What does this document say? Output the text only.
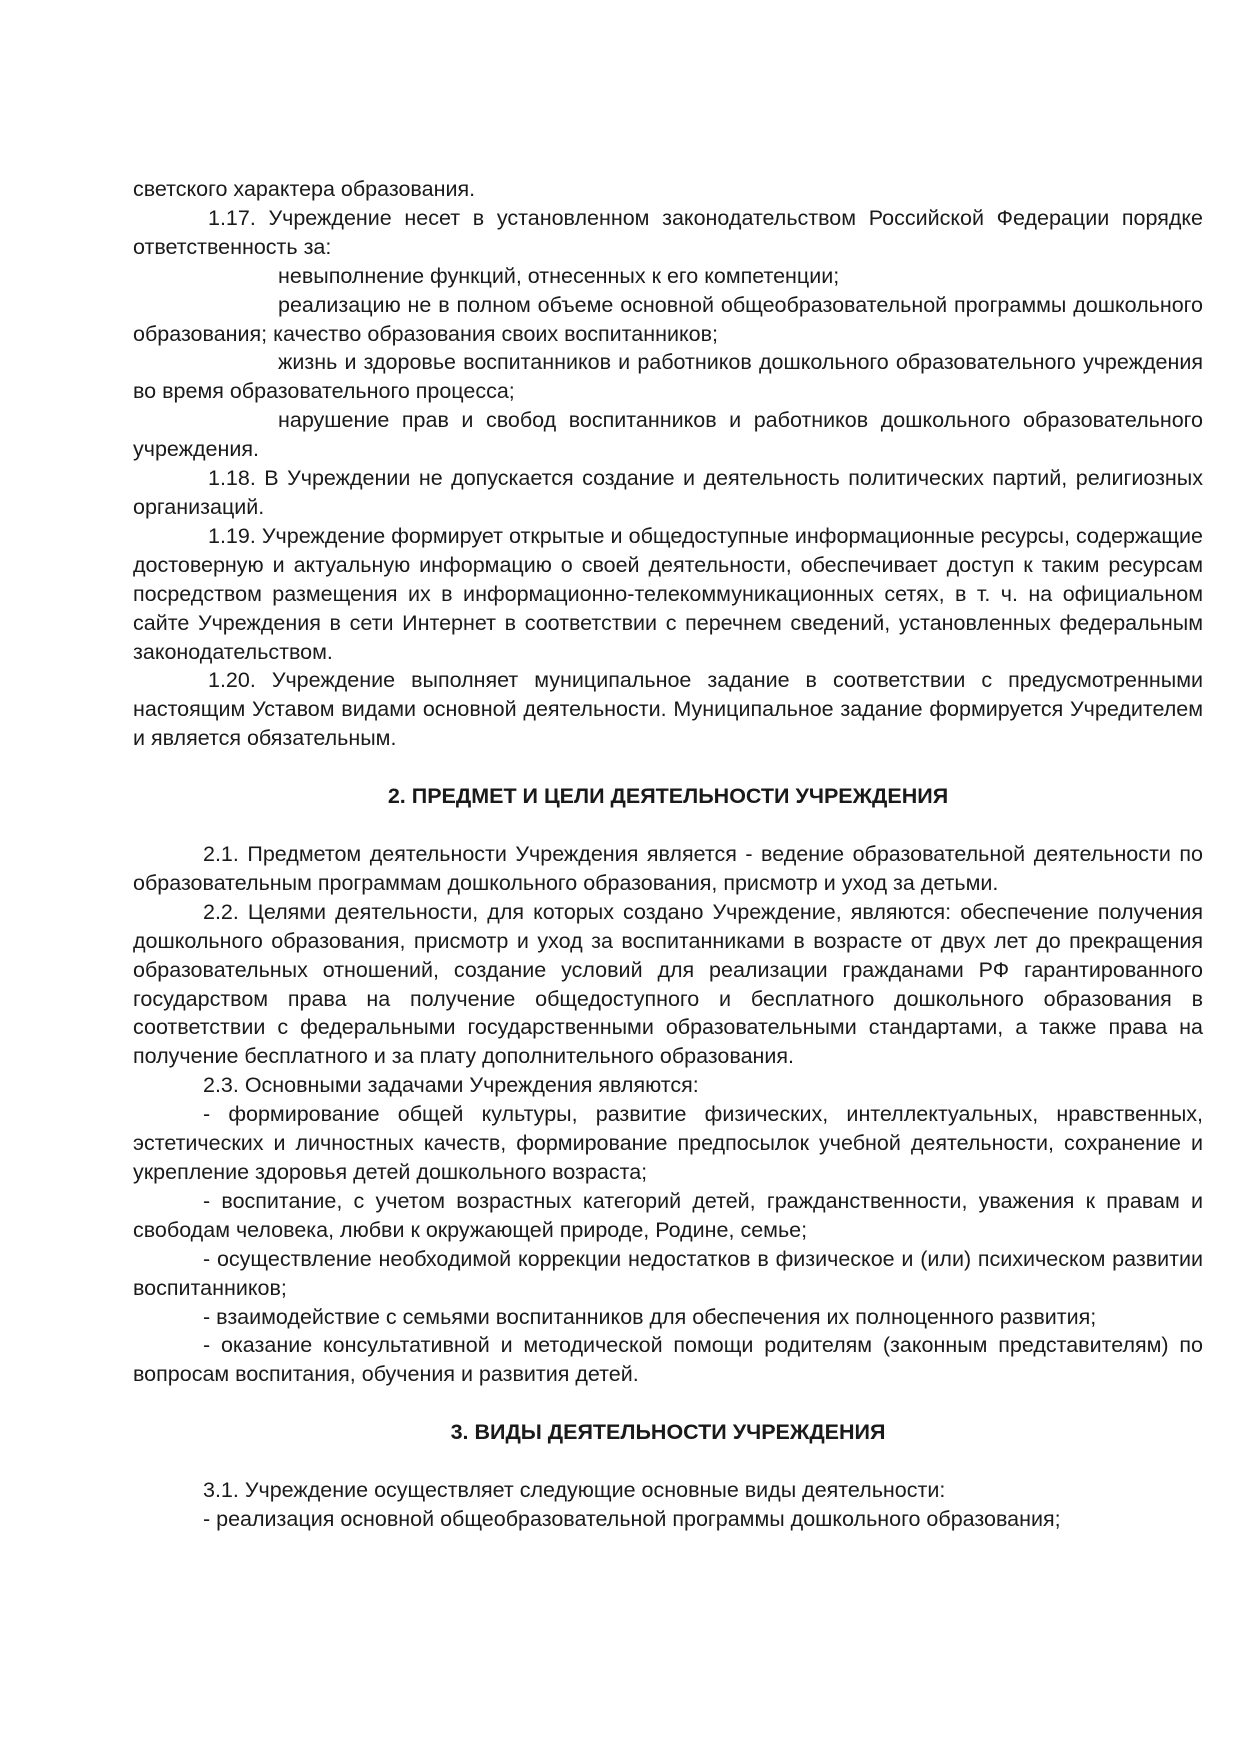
светского характера образования.

1.17. Учреждение несет в установленном законодательством Российской Федерации порядке ответственность за:

невыполнение функций, отнесенных к его компетенции;

реализацию не в полном объеме основной общеобразовательной программы дошкольного образования; качество образования своих воспитанников;

жизнь и здоровье воспитанников и работников дошкольного образовательного учреждения во время образовательного процесса;

нарушение прав и свобод воспитанников и работников дошкольного образовательного учреждения.

1.18. В Учреждении не допускается создание и деятельность политических партий, религиозных организаций.

1.19. Учреждение формирует открытые и общедоступные информационные ресурсы, содержащие достоверную и актуальную информацию о своей деятельности, обеспечивает доступ к таким ресурсам посредством размещения их в информационно-телекоммуникационных сетях, в т. ч. на официальном сайте Учреждения в сети Интернет в соответствии с перечнем сведений, установленных федеральным законодательством.

1.20. Учреждение выполняет муниципальное задание в соответствии с предусмотренными настоящим Уставом видами основной деятельности. Муниципальное задание формируется Учредителем и является обязательным.

2. ПРЕДМЕТ И ЦЕЛИ ДЕЯТЕЛЬНОСТИ УЧРЕЖДЕНИЯ

2.1. Предметом деятельности Учреждения является - ведение образовательной деятельности по образовательным программам дошкольного образования, присмотр и уход за детьми.

2.2. Целями деятельности, для которых создано Учреждение, являются: обеспечение получения дошкольного образования, присмотр и уход за воспитанниками в возрасте от двух лет до прекращения образовательных отношений, создание условий для реализации гражданами РФ гарантированного государством права на получение общедоступного и бесплатного дошкольного образования в соответствии с федеральными государственными образовательными стандартами, а также права на получение бесплатного и за плату дополнительного образования.

2.3. Основными задачами Учреждения являются:

- формирование общей культуры, развитие физических, интеллектуальных, нравственных, эстетических и личностных качеств, формирование предпосылок учебной деятельности, сохранение и укрепление здоровья детей дошкольного возраста;

- воспитание, с учетом возрастных категорий детей, гражданственности, уважения к правам и свободам человека, любви к окружающей природе, Родине, семье;

- осуществление необходимой коррекции недостатков в физическое и (или) психическом развитии воспитанников;

- взаимодействие с семьями воспитанников для обеспечения их полноценного развития;

- оказание консультативной и методической помощи родителям (законным представителям) по вопросам воспитания, обучения и развития детей.

3. ВИДЫ ДЕЯТЕЛЬНОСТИ УЧРЕЖДЕНИЯ

3.1. Учреждение осуществляет следующие основные виды деятельности:

- реализация основной общеобразовательной программы дошкольного образования;
